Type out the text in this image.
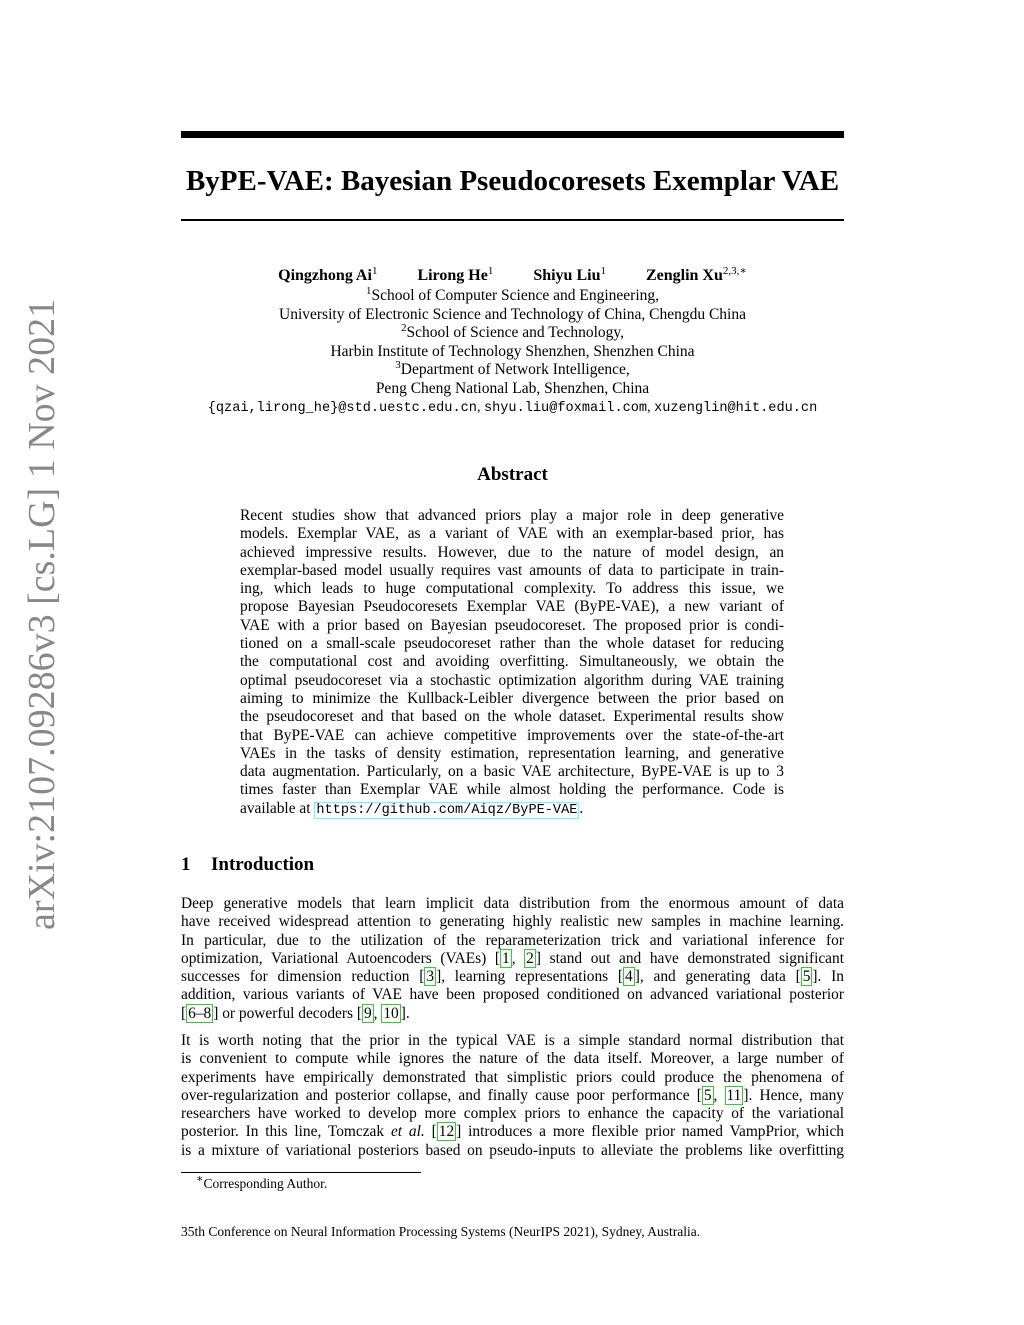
ByPE-VAE: Bayesian Pseudocoresets Exemplar VAE
Qingzhong Ai$^1$	Lirong He$^1$	Shiyu Liu$^1$	Zenglin $Xu^{2,3,∗}$
$^1$School of Computer Science and Engineering,
University of Electronic Science and Technology of China, Chengdu China
$^2$School of Science and Technology,
Harbin Institute of Technology Shenzhen, Shenzhen China
$^3$Department of Network Intelligence,
Peng Cheng National Lab, Shenzhen, China
{qzai,lirong_he}@std.uestc.edu.cn, shyu.liu@foxmail.com, xuzenglin@hit.edu.cn
arXiv:2107.09286v3 [cs.LG] 1 Nov 2021	Abstract
Recent studies show that advanced priors play a major role in deep generative
models. Exemplar VAE, as a variant of VAE with an exemplar-based prior, has
achieved impressive results. However, due to the nature of model design, an
exemplar-based model usually requires vast amounts of data to participate in train-
ing, which leads to huge computational complexity. To address this issue, we
propose Bayesian Pseudocoresets Exemplar VAE (ByPE-VAE), a new variant of
VAE with a prior based on Bayesian pseudocoreset. The proposed prior is condi-
tioned on a small-scale pseudocoreset rather than the whole dataset for reducing
the computational cost and avoiding overfitting. Simultaneously, we obtain the
optimal pseudocoreset via a stochastic optimization algorithm during VAE training
aiming to minimize the Kullback-Leibler divergence between the prior based on
the pseudocoreset and that based on the whole dataset. Experimental results show
that ByPE-VAE can achieve competitive improvements over the state-of-the-art
VAEs in the tasks of density estimation, representation learning, and generative
data augmentation. Particularly, on a basic VAE architecture, ByPE-VAE is up to 3
times faster than Exemplar VAE while almost holding the performance. Code is
available at https://github.com/Aiqz/ByPE-VAE .
1 Introduction
Deep generative models that learn implicit data distribution from the enormous amount of data
have received widespread attention to generating highly realistic new samples in machine learning.
In particular, due to the utilization of the reparameterization trick and variational inference for
optimization, Variational Autoencoders (VAEs) [ 1 , 2 ] stand out and have demonstrated significant
successes for dimension reduction [ 3 ], learning representations [ 4 ], and generating data [ 5 ]. In
addition, various variants of VAE have been proposed conditioned on advanced variational posterior
[ 6–8 ] or powerful decoders [ 9 , 10 ].
It is worth noting that the prior in the typical VAE is a simple standard normal distribution that
is convenient to compute while ignores the nature of the data itself. Moreover, a large number of
experiments have empirically demonstrated that simplistic priors could produce the phenomena of
over-regularization and posterior collapse, and finally cause poor performance [ 5 , 11 ]. Hence, many
researchers have worked to develop more complex priors to enhance the capacity of the variational
posterior. In this line, Tomczak et al. [ 12 ] introduces a more flexible prior named VampPrior, which
is a mixture of variational posteriors based on pseudo-inputs to alleviate the problems like overfitting
∗Corresponding Author.
35th Conference on Neural Information Processing Systems (NeurIPS 2021), Sydney, Australia.
